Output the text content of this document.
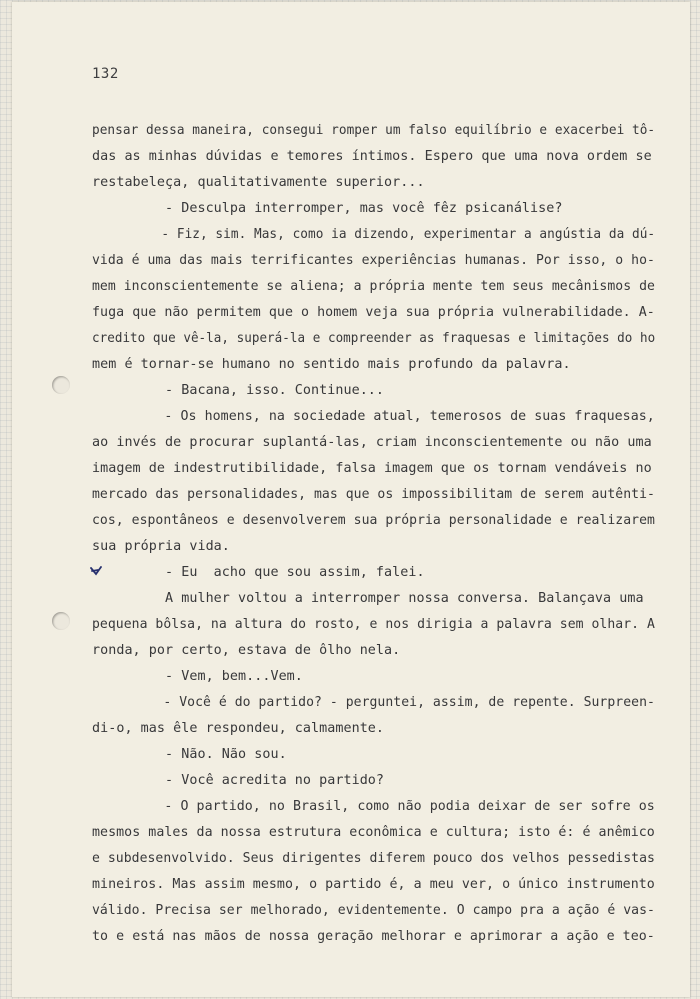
132
pensar dessa maneira, consegui romper um falso equilíbrio e exacerbei tô-
das as minhas dúvidas e temores íntimos. Espero que uma nova ordem se
restabeleça, qualitativamente superior...
- Desculpa interromper, mas você fêz psicanálise?
- Fiz, sim. Mas, como ia dizendo, experimentar a angústia da dú-
vida é uma das mais terrificantes experiências humanas. Por isso, o ho-
mem inconscientemente se aliena; a própria mente tem seus mecânismos de
fuga que não permitem que o homem veja sua própria vulnerabilidade. A-
credito que vê-la, superá-la e compreender as fraquesas e limitações do ho
mem é tornar-se humano no sentido mais profundo da palavra.
- Bacana, isso. Continue...
- Os homens, na sociedade atual, temerosos de suas fraquesas,
ao invés de procurar suplantá-las, criam inconscientemente ou não uma
imagem de indestrutibilidade, falsa imagem que os tornam vendáveis no
mercado das personalidades, mas que os impossibilitam de serem autênti-
cos, espontâneos e desenvolverem sua própria personalidade e realizarem
sua própria vida.
- Eu  acho que sou assim, falei.
A mulher voltou a interromper nossa conversa. Balançava uma
pequena bôlsa, na altura do rosto, e nos dirigia a palavra sem olhar. A
ronda, por certo, estava de ôlho nela.
- Vem, bem...Vem.
- Você é do partido? - perguntei, assim, de repente. Surpreen-
di-o, mas êle respondeu, calmamente.
- Não. Não sou.
- Você acredita no partido?
- O partido, no Brasil, como não podia deixar de ser sofre os
mesmos males da nossa estrutura econômica e cultura; isto é: é anêmico
e subdesenvolvido. Seus dirigentes diferem pouco dos velhos pessedistas
mineiros. Mas assim mesmo, o partido é, a meu ver, o único instrumento
válido. Precisa ser melhorado, evidentemente. O campo pra a ação é vas-
to e está nas mãos de nossa geração melhorar e aprimorar a ação e teo-
